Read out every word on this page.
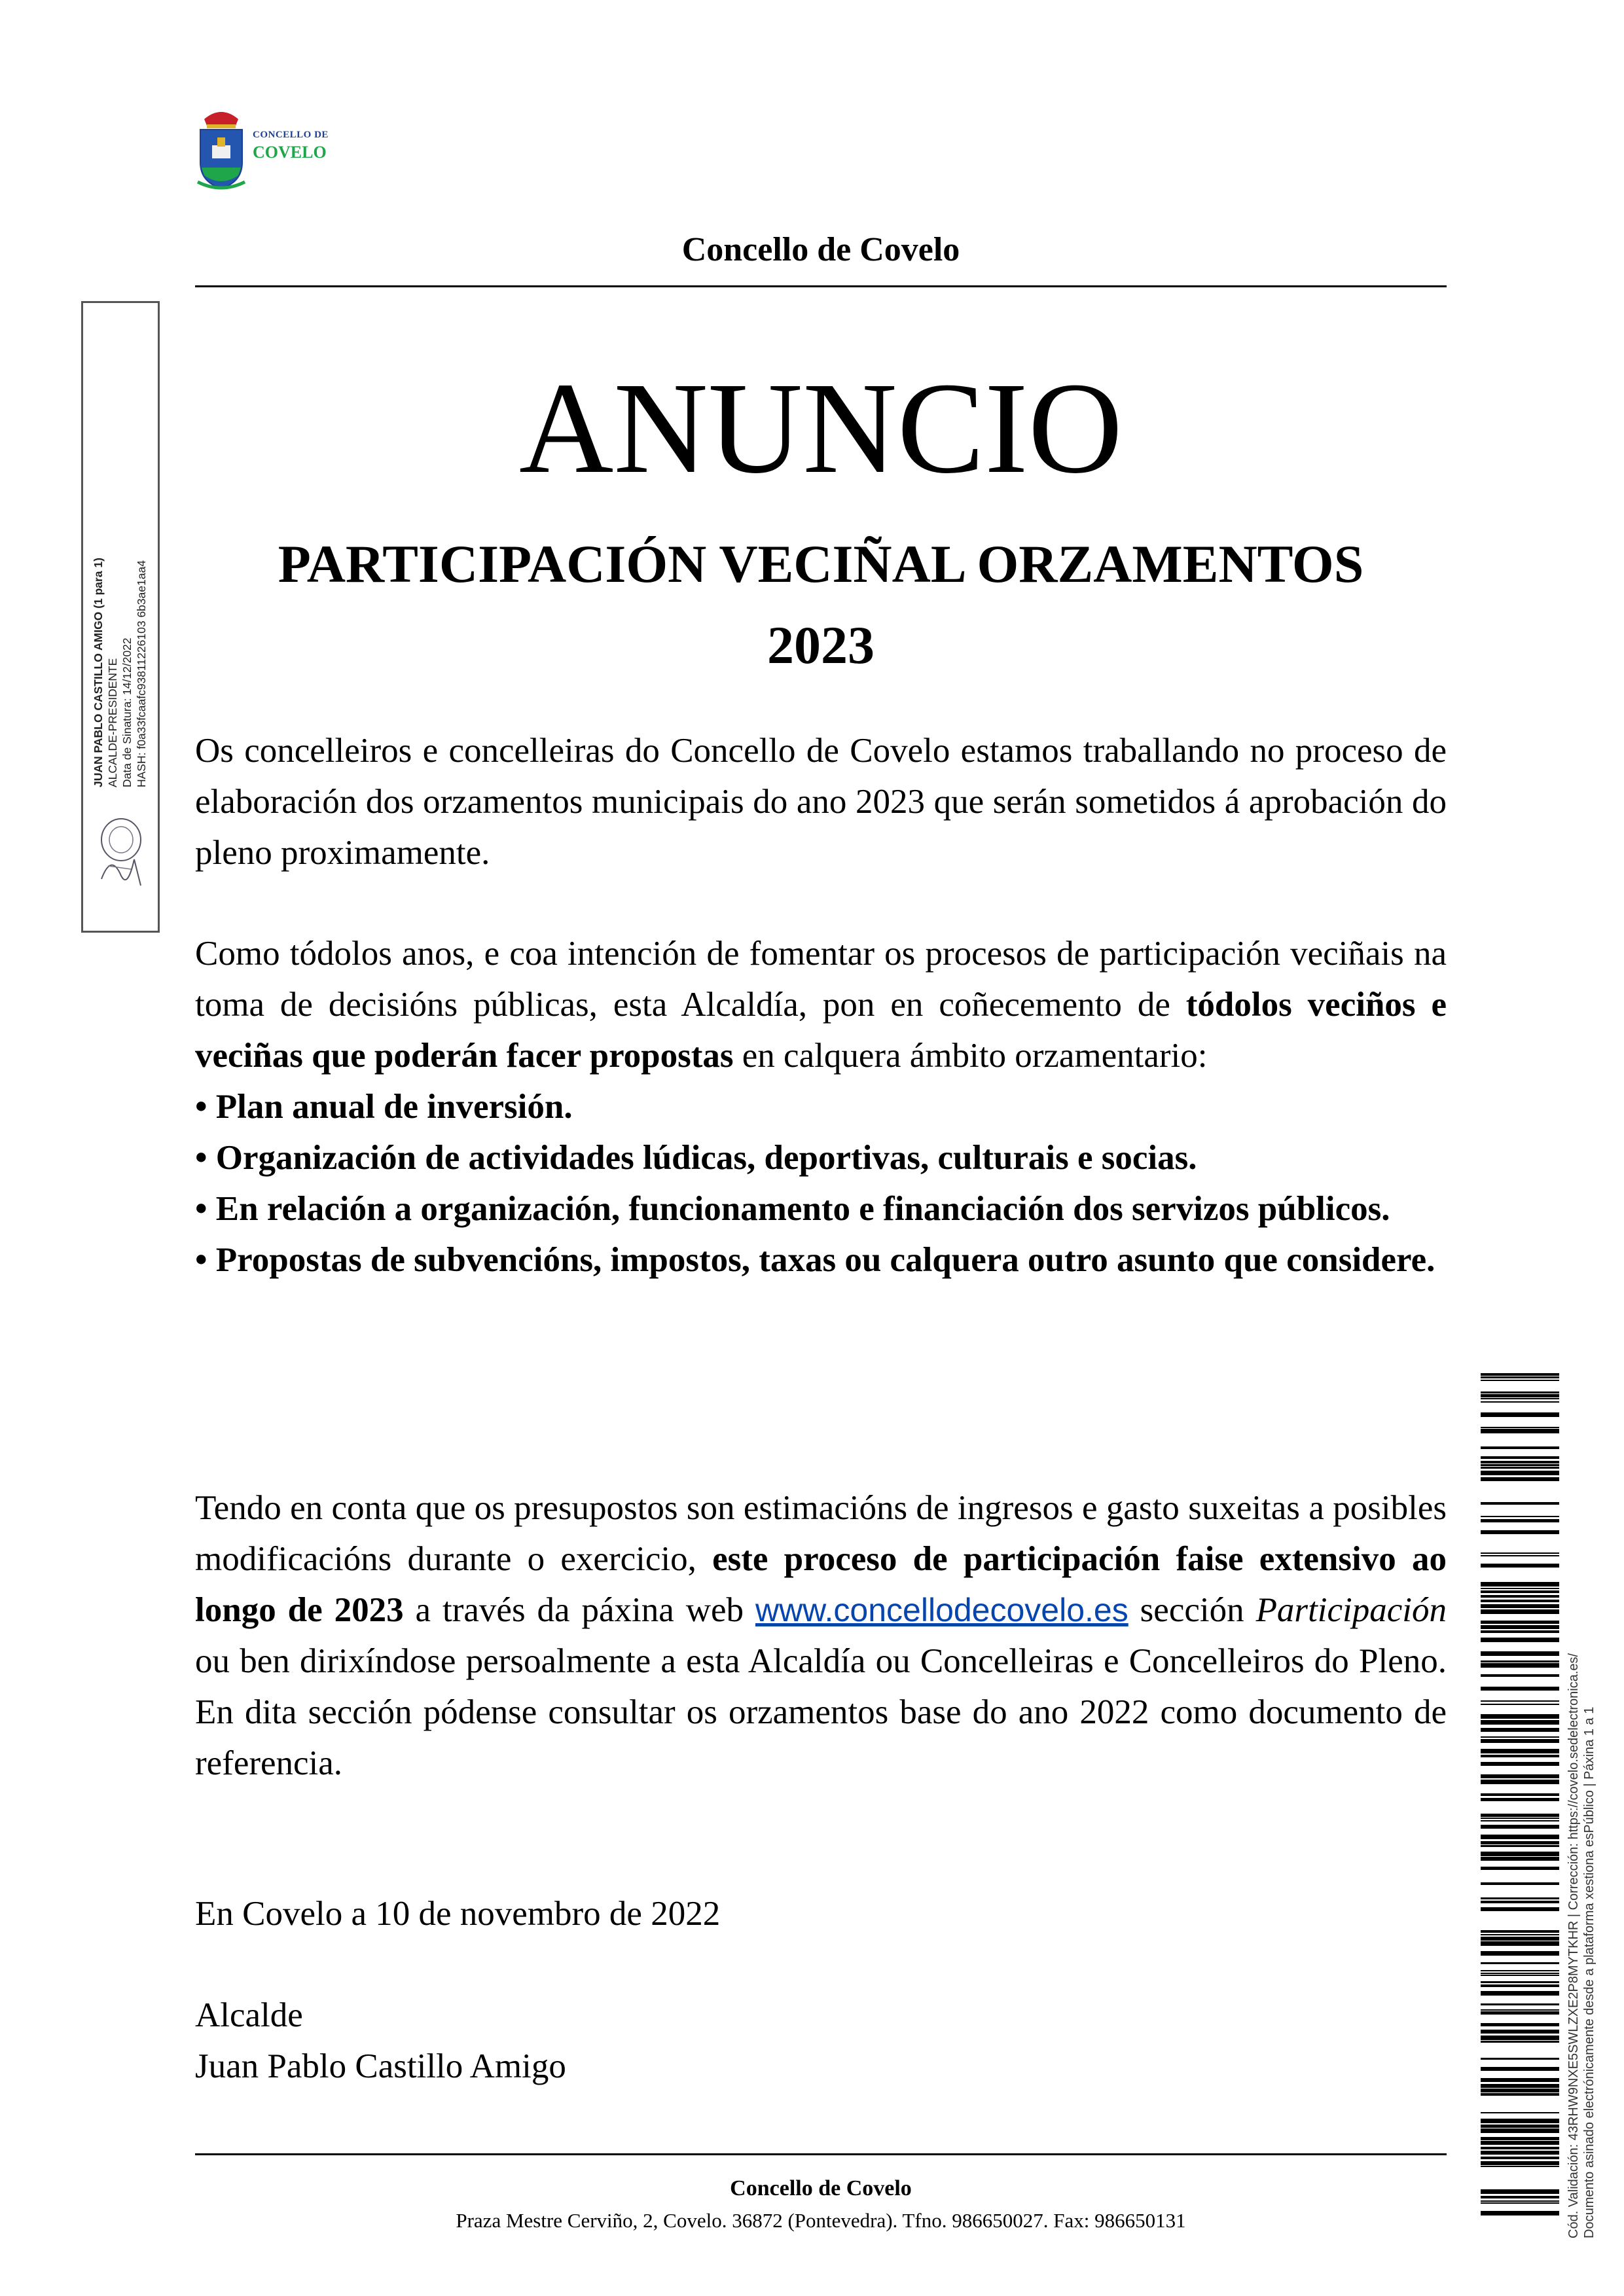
CONCELLO DE
COVELO
Concello de Covelo
ANUNCIO
PARTICIPACIÓN VECIÑAL ORZAMENTOS
2023
Os concelleiros e concelleiras do Concello de Covelo estamos traballando no proceso de elaboración dos orzamentos municipais do ano 2023 que serán sometidos á aprobación do pleno proximamente.
Como tódolos anos, e coa intención de fomentar os procesos de participación veciñais na toma de decisións públicas, esta Alcaldía, pon en coñecemento de tódolos veciños e veciñas que poderán facer propostas en calquera ámbito orzamentario:
• Plan anual de inversión.
• Organización de actividades lúdicas, deportivas, culturais e socias.
• En relación a organización, funcionamento e financiación dos servizos públicos.
• Propostas de subvencións, impostos, taxas ou calquera outro asunto que considere.
Tendo en conta que os presupostos son estimacións de ingresos e gasto suxeitas a posibles modificacións durante o exercicio, este proceso de participación faise extensivo ao longo de 2023 a través da páxina web www.concellodecovelo.es sección Participación ou ben dirixíndose persoalmente a esta Alcaldía ou Concelleiras e Concelleiros do Pleno. En dita sección pódense consultar os orzamentos base do ano 2022 como documento de referencia.
En Covelo a 10 de novembro de 2022
Alcalde
Juan Pablo Castillo Amigo
Concello de Covelo
Praza Mestre Cerviño, 2, Covelo. 36872 (Pontevedra). Tfno. 986650027. Fax: 986650131
JUAN PABLO CASTILLO AMIGO (1 para 1) ALCALDE-PRESIDENTE Data de Sinatura: 14/12/2022 HASH: f0a33fcaafc93811226103 6b3ae1aa4
Cód. Validación: 43RHW9NXE5SWLZXE2P8MYTKHR | Corrección: https://covelo.sedelectronica.es/ Documento asinado electrónicamente desde a plataforma xestiona esPúblico | Páxina 1 a 1
